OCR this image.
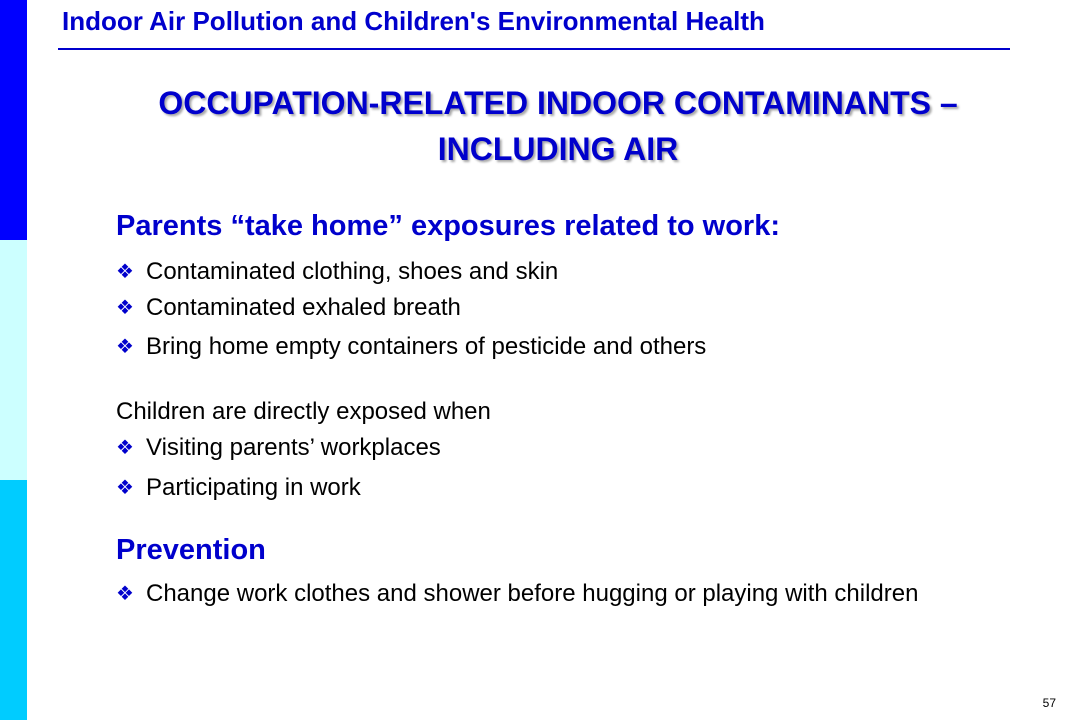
Indoor Air Pollution and Children's Environmental Health
OCCUPATION-RELATED INDOOR CONTAMINANTS –
INCLUDING AIR
Parents “take home” exposures related to work:
❖ Contaminated clothing, shoes and skin
❖ Contaminated exhaled breath
❖ Bring home empty containers of pesticide and others
Children are directly exposed when
❖ Visiting parents’ workplaces
❖ Participating in work
Prevention
❖ Change work clothes and shower before hugging or playing with children
57
